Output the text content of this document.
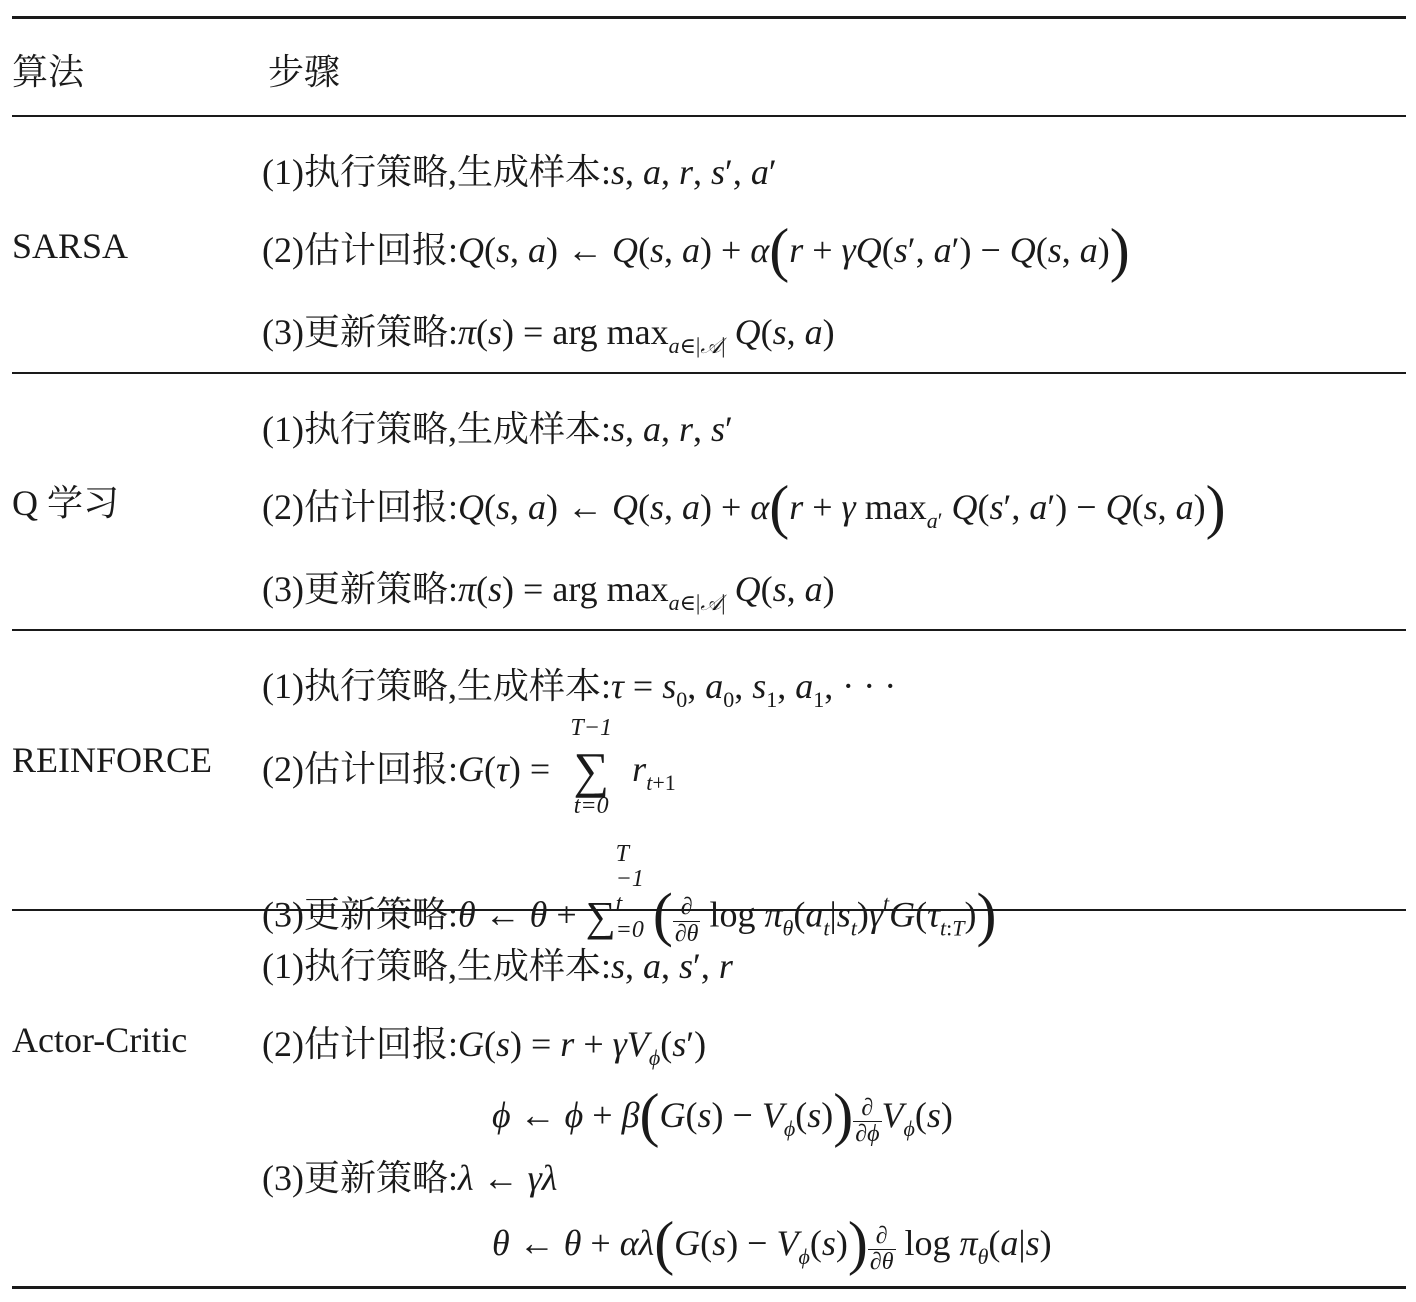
算法	步骤
SARSA
(1)执行策略,生成样本:s, a, r, s′, a′
(2)估计回报:Q(s, a) ← Q(s, a) + α(r + γQ(s′, a′) − Q(s, a))
(3)更新策略:π(s) = arg $\max_{a\in|𝒜|} Q(s$, a)
Q 学习
(1)执行策略,生成样本:s, a, r, s′
(2)估计回报:Q(s, a) ← Q(s, a) + α(r + γ $\max_{a'} Q(s'$, a′) − Q(s, a))
(3)更新策略:π(s) = arg $\max_{a\in|𝒜|} Q(s$, a)
REINFORCE
(1)执行策略,生成样本:τ = $s_0$, $a_0$, $s_1$, $a_1$, · · ·
(2)估计回报:G(τ) =
T−1
∑
t=0
$r_{t+1}$
(3)更新策略:θ ← θ + ∑
T
−1
t
=0 ( $\frac{\partial}{\partial\theta}$ $\log \pi_\theta(a_t|s_t)\gamma^tG(\tau_{t:T})$)
Actor-Critic
(1)执行策略,生成样本:s, a, s′, r
(2)估计回报:G(s) = $r + \gamma V_\phi(s')$
ϕ ← $\phi + \beta(G(s) - V_\phi(s)) \frac{\partial}{\partial\phi} V_\phi(s)$
(3)更新策略:λ ← γλ
θ ← $\theta + \alpha\lambda(G(s) - V_\phi(s)) \frac{\partial}{\partial\theta}$ $\log \pi_\theta(a|s)$
